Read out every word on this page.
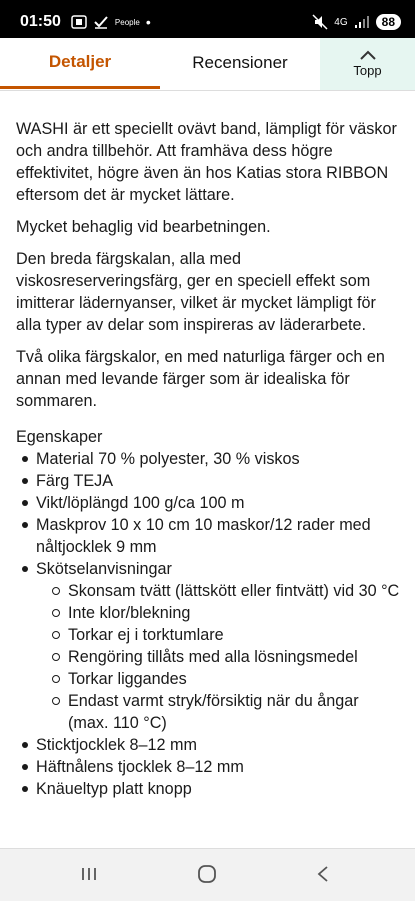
01:50	People •	4G	88
Detaljer	Recensioner	Topp

WASHI är ett speciellt ovävt band, lämpligt för väskor och andra tillbehör. Att framhäva dess högre effektivitet, högre även än hos Katias stora RIBBON eftersom det är mycket lättare.

Mycket behaglig vid bearbetningen.

Den breda färgskalan, alla med viskosreserveringsfärg, ger en speciell effekt som imitterar lädernyanser, vilket är mycket lämpligt för alla typer av delar som inspireras av läderarbete.

Två olika färgskalor, en med naturliga färger och en annan med levande färger som är idealiska för sommaren.

Egenskaper
Material 70 % polyester, 30 % viskos
Färg TEJA
Vikt/löplängd 100 g/ca 100 m
Maskprov 10 x 10 cm 10 maskor/12 rader med nåltjocklek 9 mm
Skötselanvisningar
Skonsam tvätt (lättskött eller fintvätt) vid 30 °C
Inte klor/blekning
Torkar ej i torktumlare
Rengöring tillåts med alla lösningsmedel
Torkar liggandes
Endast varmt stryk/försiktig när du ångar (max. 110 °C)
Sticktjocklek 8–12 mm
Häftnålens tjocklek 8–12 mm
Knäueltyp platt knopp
